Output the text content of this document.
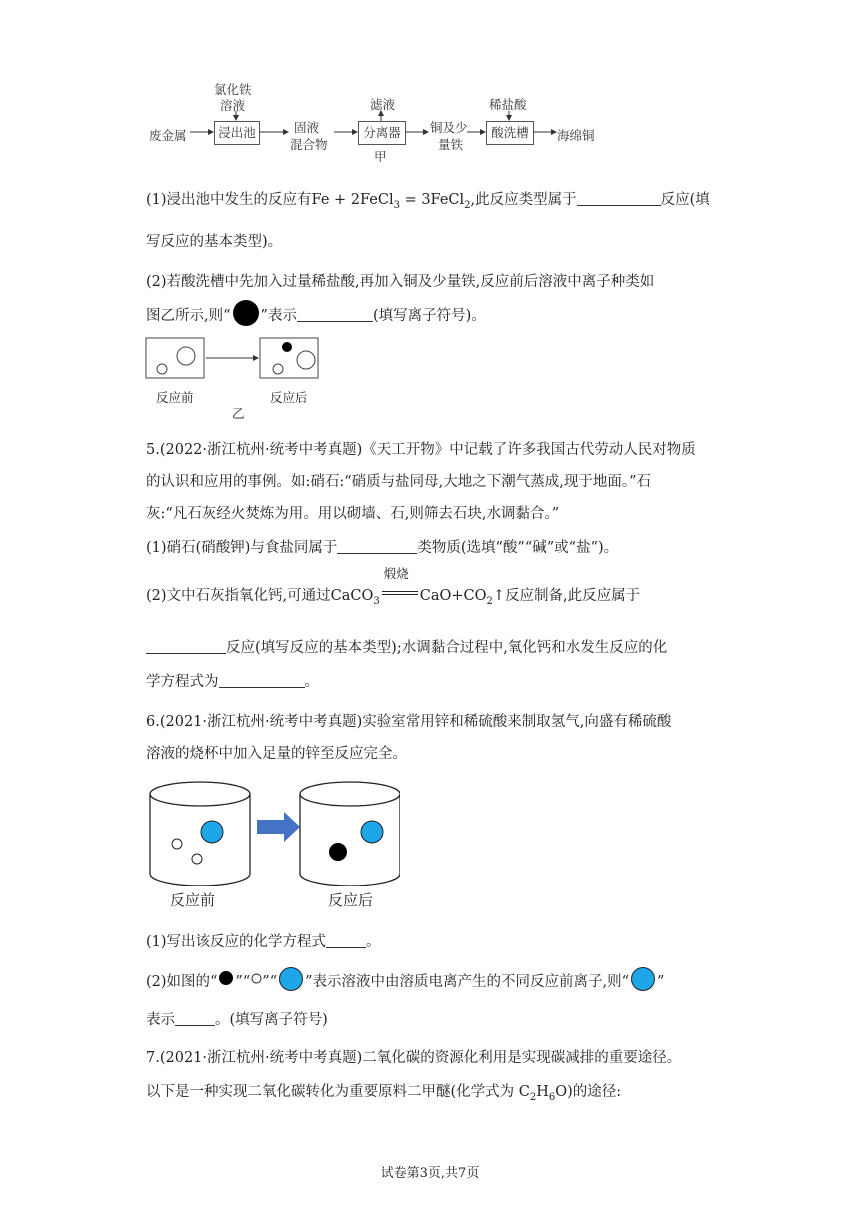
氯化铁
溶液
废金属	浸出池	固液
混合物
滤液
分离器
甲
铜及少
量铁
稀盐酸
酸洗槽	海绵铜
(1)浸出池中发生的反应有Fe + 2FeCl$_3$ = 3FeCl$_2$,此反应类型属于	反应(填
写反应的基本类型)。
(2)若酸洗槽中先加入过量稀盐酸,再加入铜及少量铁,反应前后溶液中离子种类如
图乙所示,则“ ”表示	(填写离子符号)。
反应前	反应后
乙
5.(2022·浙江杭州·统考中考真题)《天工开物》中记载了许多我国古代劳动人民对物质
的认识和应用的事例。如:硝石:“硝质与盐同母,大地之下潮气蒸成,现于地面。”石
灰:“凡石灰经火焚炼为用。用以砌墙、石,则筛去石块,水调黏合。”
(1)硝石(硝酸钾)与食盐同属于	类物质(选填“酸”“碱”或“盐”)。
(2)文中石灰指氧化钙,可通过CaCO$_3$
煅烧
$CaO+CO_2↑$反应制备,此反应属于
反应(填写反应的基本类型);水调黏合过程中,氧化钙和水发生反应的化
学方程式为	。
6.(2021·浙江杭州·统考中考真题)实验室常用锌和稀硫酸来制取氢气,向盛有稀硫酸
溶液的烧杯中加入足量的锌至反应完全。
反应前	反应后
(1)写出该反应的化学方程式	。
(2)如图的“ ”“ ”“ ”表示溶液中由溶质电离产生的不同反应前离子,则“ ”
表示	。(填写离子符号)
7.(2021·浙江杭州·统考中考真题)二氧化碳的资源化利用是实现碳减排的重要途径。
以下是一种实现二氧化碳转化为重要原料二甲醚(化学式为 $C_2H_6O$)的途径:
试卷第3页,共7页
